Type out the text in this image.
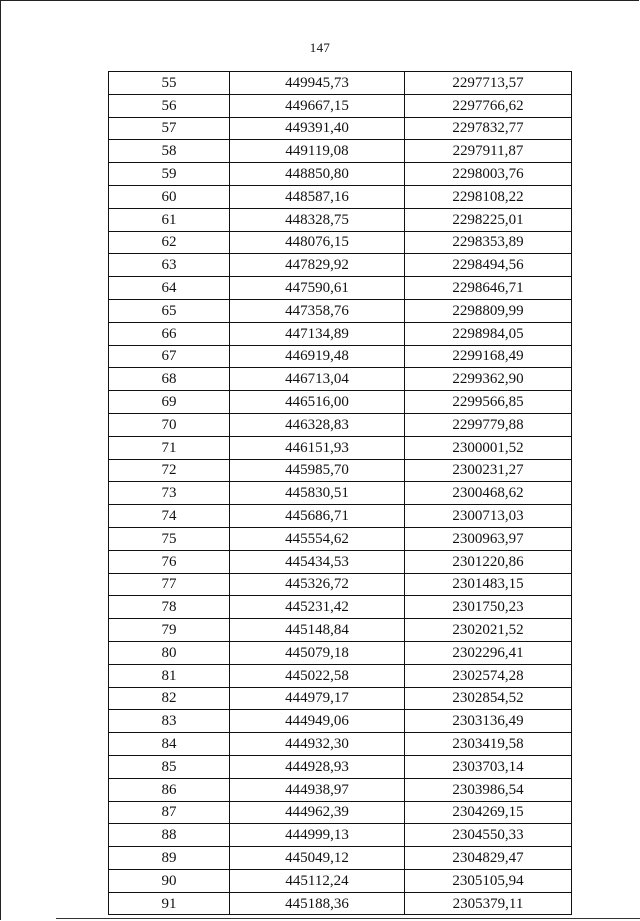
147
55	449945,73	2297713,57
56	449667,15	2297766,62
57	449391,40	2297832,77
58	449119,08	2297911,87
59	448850,80	2298003,76
60	448587,16	2298108,22
61	448328,75	2298225,01
62	448076,15	2298353,89
63	447829,92	2298494,56
64	447590,61	2298646,71
65	447358,76	2298809,99
66	447134,89	2298984,05
67	446919,48	2299168,49
68	446713,04	2299362,90
69	446516,00	2299566,85
70	446328,83	2299779,88
71	446151,93	2300001,52
72	445985,70	2300231,27
73	445830,51	2300468,62
74	445686,71	2300713,03
75	445554,62	2300963,97
76	445434,53	2301220,86
77	445326,72	2301483,15
78	445231,42	2301750,23
79	445148,84	2302021,52
80	445079,18	2302296,41
81	445022,58	2302574,28
82	444979,17	2302854,52
83	444949,06	2303136,49
84	444932,30	2303419,58
85	444928,93	2303703,14
86	444938,97	2303986,54
87	444962,39	2304269,15
88	444999,13	2304550,33
89	445049,12	2304829,47
90	445112,24	2305105,94
91	445188,36	2305379,11
